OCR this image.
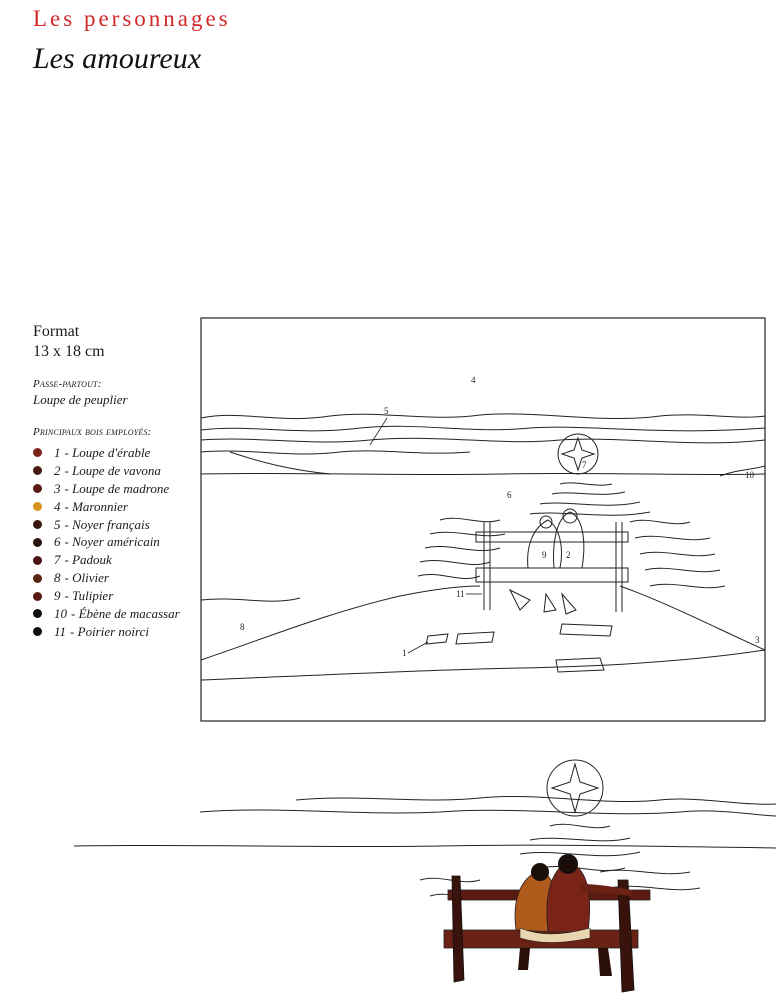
Les personnages
Les amoureux
Format
13 x 18 cm
Passe-partout:
Loupe de peuplier
Principaux bois employés:
1 - Loupe d'érable
2 - Loupe de vavona
3 - Loupe de madrone
4 - Maronnier
5 - Noyer français
6 - Noyer américain
7 - Padouk
8 - Olivier
9 - Tulipier
10 - Ébène de macassar
11 - Poirier noirci
1
2
3
4
5
6
7
8
9
10
11
